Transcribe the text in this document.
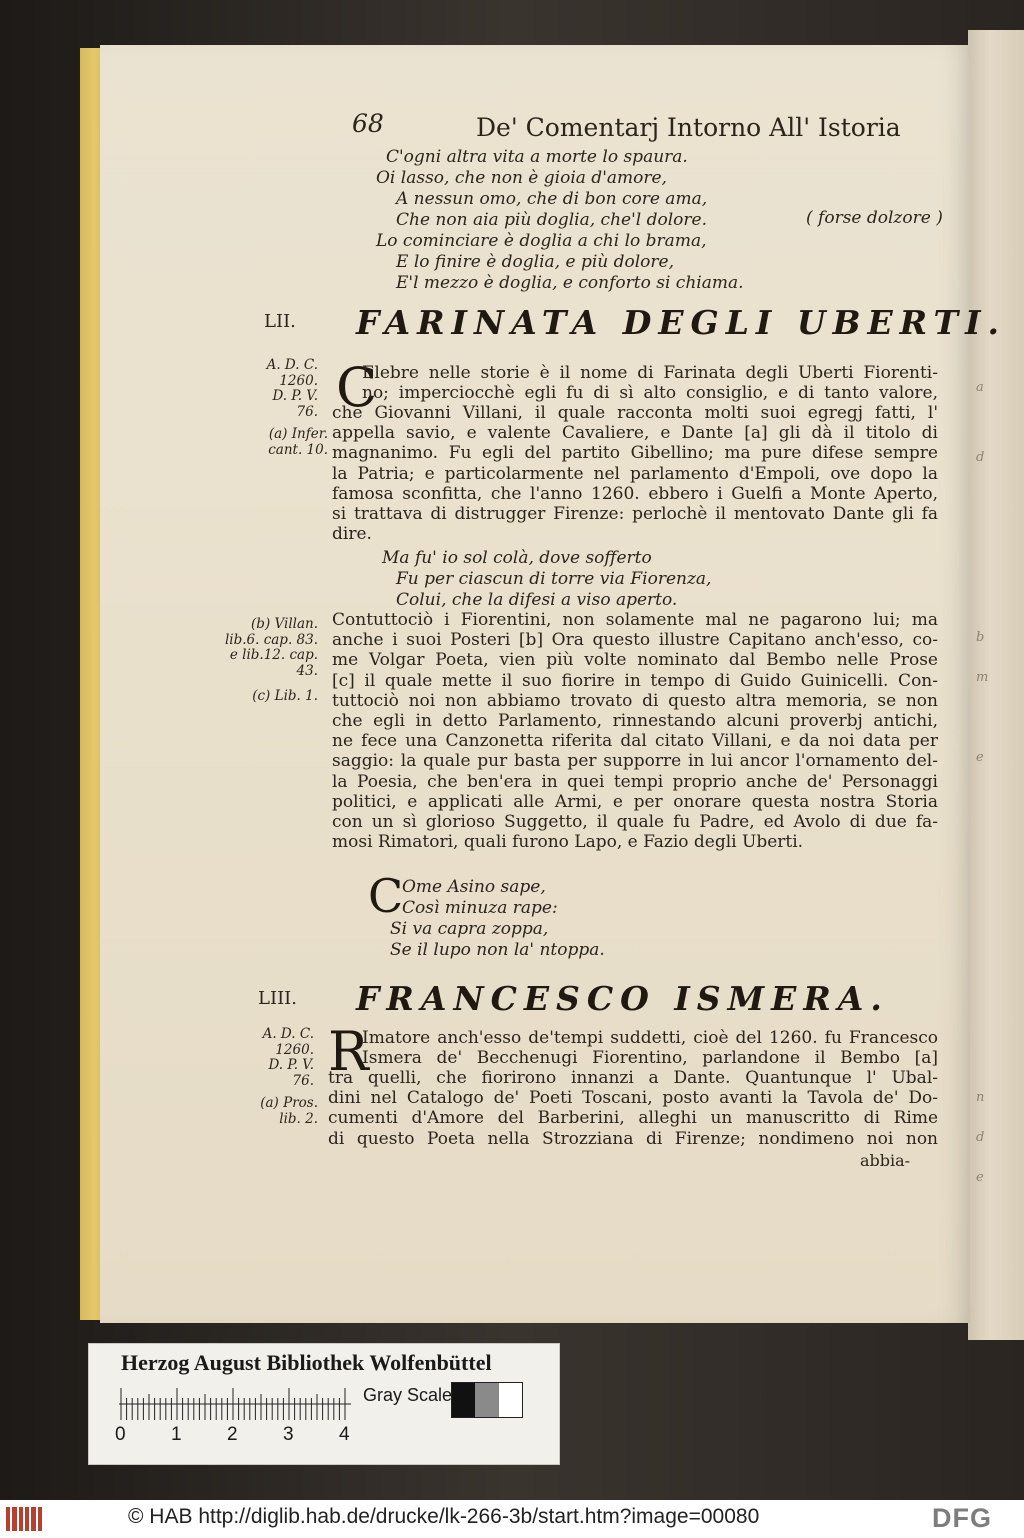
a
d
b
m
e
n
d
e
68	De' Comentarj Intorno All' Istoria
C'ogni altra vita a morte lo spaura.
Oi lasso, che non è gioia d'amore,
A nessun omo, che di bon core ama,
Che non aia più doglia, che'l dolore.
Lo cominciare è doglia a chi lo brama,
E lo finire è doglia, e più dolore,
E'l mezzo è doglia, e conforto si chiama.
( forse dolzore )
LII. FARINATA DEGLI UBERTI.
A. D. C.
1260.
D. P. V.
76.
(a) Infer.
cant. 10.
C
Elebre nelle storie è il nome di Farinata degli Uberti Fiorenti-
no; imperciocchè egli fu di sì alto consiglio, e di tanto valore,
che Giovanni Villani, il quale racconta molti suoi egregj fatti, l'
appella savio, e valente Cavaliere, e Dante [a] gli dà il titolo di
magnanimo. Fu egli del partito Gibellino; ma pure difese sempre
la Patria; e particolarmente nel parlamento d'Empoli, ove dopo la
famosa sconfitta, che l'anno 1260. ebbero i Guelfi a Monte Aperto,
si trattava di distrugger Firenze: perlochè il mentovato Dante gli fa
dire.
Ma fu' io sol colà, dove sofferto
Fu per ciascun di torre via Fiorenza,
Colui, che la difesi a viso aperto.
(b) Villan.
lib.6. cap. 83.
e lib.12. cap.
43.
(c) Lib. 1.
Contuttociò i Fiorentini, non solamente mal ne pagarono lui; ma
anche i suoi Posteri [b] Ora questo illustre Capitano anch'esso, co-
me Volgar Poeta, vien più volte nominato dal Bembo nelle Prose
[c] il quale mette il suo fiorire in tempo di Guido Guinicelli. Con-
tuttociò noi non abbiamo trovato di questo altra memoria, se non
che egli in detto Parlamento, rinnestando alcuni proverbj antichi,
ne fece una Canzonetta riferita dal citato Villani, e da noi data per
saggio: la quale pur basta per supporre in lui ancor l'ornamento del-
la Poesia, che ben'era in quei tempi proprio anche de' Personaggi
politici, e applicati alle Armi, e per onorare questa nostra Storia
con un sì glorioso Suggetto, il quale fu Padre, ed Avolo di due fa-
mosi Rimatori, quali furono Lapo, e Fazio degli Uberti.
C
Ome Asino sape,
Così minuza rape:
Si va capra zoppa,
Se il lupo non la' ntoppa.
LIII. FRANCESCO ISMERA.
A. D. C.
1260.
D. P. V.
76.
(a) Pros.
lib. 2.
R
Imatore anch'esso de'tempi suddetti, cioè del 1260. fu Francesco
Ismera de' Becchenugi Fiorentino, parlandone il Bembo [a]
tra quelli, che fiorirono innanzi a Dante. Quantunque l' Ubal-
dini nel Catalogo de' Poeti Toscani, posto avanti la Tavola de' Do-
cumenti d'Amore del Barberini, alleghi un manuscritto di Rime
di questo Poeta nella Strozziana di Firenze; nondimeno noi non
abbia-
Herzog August Bibliothek Wolfenbüttel
Gray Scale
0 1 2 3 4
© HAB http://diglib.hab.de/drucke/lk-266-3b/start.htm?image=00080	DFG
